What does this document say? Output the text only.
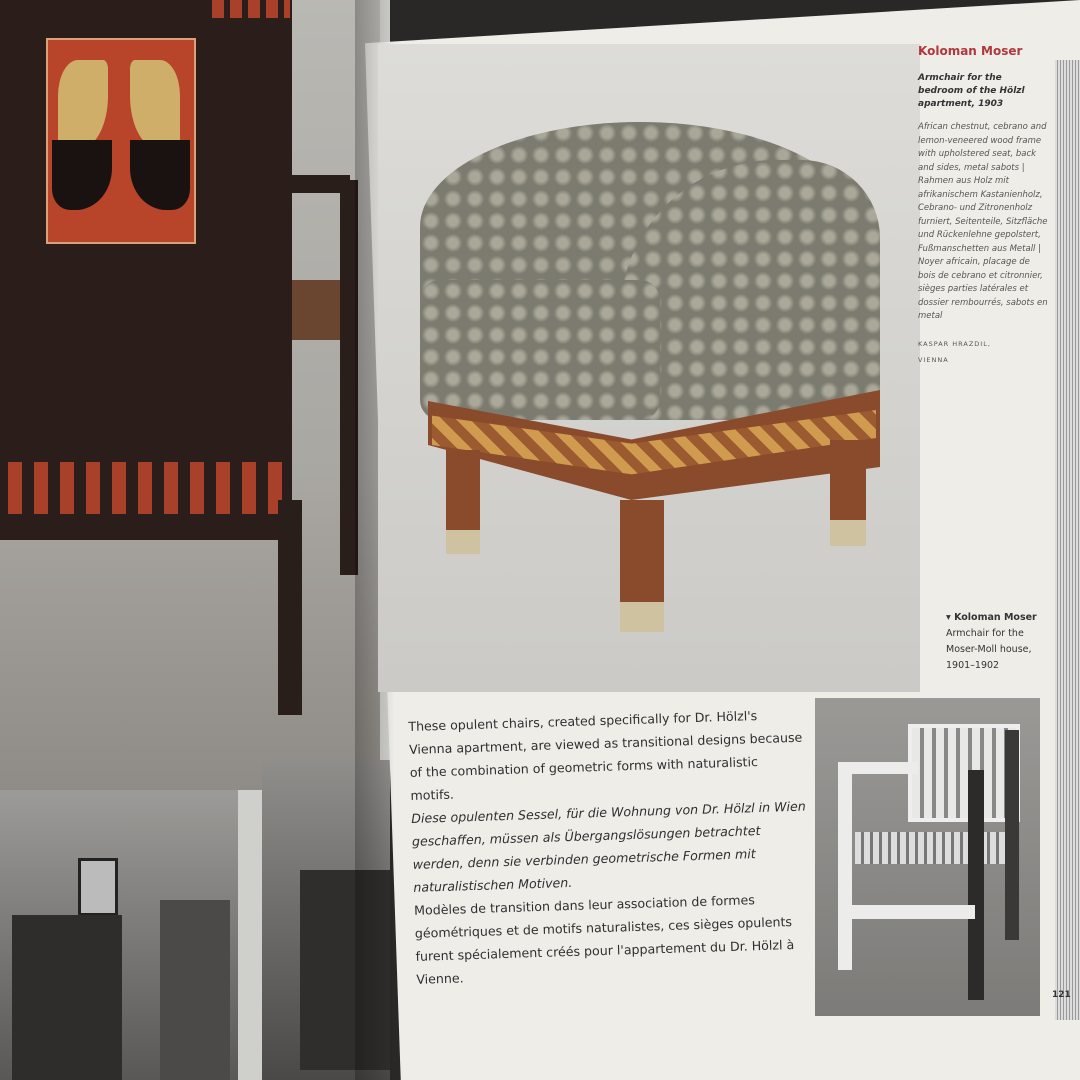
Koloman Moser
Armchair for the bedroom of the Hölzl apartment, 1903
African chestnut, cebrano and lemon-veneered wood frame with upholstered seat, back and sides, metal sabots | Rahmen aus Holz mit afrikanischem Kastanienholz, Cebrano- und Zitronenholz furniert, Seitenteile, Sitzfläche und Rückenlehne gepolstert, Fußmanschetten aus Metall | Noyer africain, placage de bois de cebrano et citronnier, sièges parties latérales et dossier rembourrés, sabots en metal
KASPAR HRAZDIL,
VIENNA
▾ Koloman Moser
Armchair for the
Moser-Moll house,
1901–1902

These opulent chairs, created specifically for Dr. Hölzl's Vienna apartment, are viewed as transitional designs because of the combination of geometric forms with naturalistic motifs.

Diese opulenten Sessel, für die Wohnung von Dr. Hölzl in Wien geschaffen, müssen als Übergangslösungen betrachtet werden, denn sie verbinden geometrische Formen mit naturalistischen Motiven.

Modèles de transition dans leur association de formes géométriques et de motifs naturalistes, ces sièges opulents furent spécialement créés pour l'appartement du Dr. Hölzl à Vienne.

121
